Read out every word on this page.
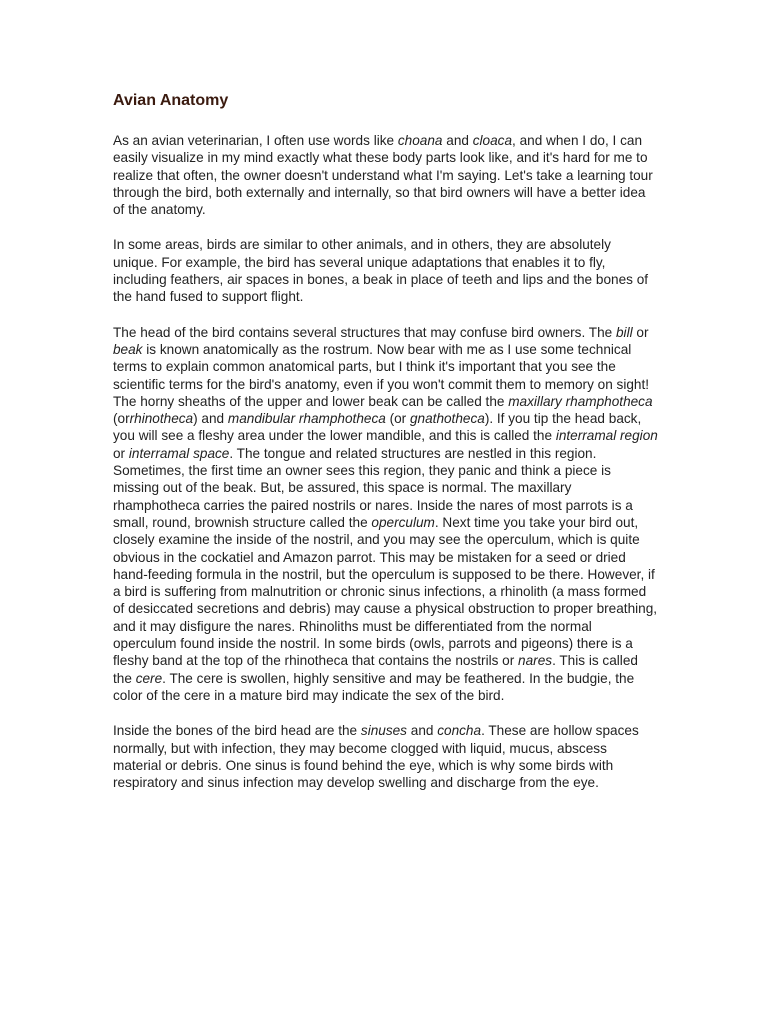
Avian Anatomy

As an avian veterinarian, I often use words like choana and cloaca, and when I do, I can easily visualize in my mind exactly what these body parts look like, and it's hard for me to realize that often, the owner doesn't understand what I'm saying. Let's take a learning tour through the bird, both externally and internally, so that bird owners will have a better idea of the anatomy.

In some areas, birds are similar to other animals, and in others, they are absolutely unique. For example, the bird has several unique adaptations that enables it to fly, including feathers, air spaces in bones, a beak in place of teeth and lips and the bones of the hand fused to support flight.

The head of the bird contains several structures that may confuse bird owners. The bill or beak is known anatomically as the rostrum. Now bear with me as I use some technical terms to explain common anatomical parts, but I think it's important that you see the scientific terms for the bird's anatomy, even if you won't commit them to memory on sight! The horny sheaths of the upper and lower beak can be called the maxillary rhamphotheca (orrhinotheca) and mandibular rhamphotheca (or gnathotheca). If you tip the head back, you will see a fleshy area under the lower mandible, and this is called the interramal region or interramal space. The tongue and related structures are nestled in this region. Sometimes, the first time an owner sees this region, they panic and think a piece is missing out of the beak. But, be assured, this space is normal. The maxillary rhamphotheca carries the paired nostrils or nares. Inside the nares of most parrots is a small, round, brownish structure called the operculum. Next time you take your bird out, closely examine the inside of the nostril, and you may see the operculum, which is quite obvious in the cockatiel and Amazon parrot. This may be mistaken for a seed or dried hand-feeding formula in the nostril, but the operculum is supposed to be there. However, if a bird is suffering from malnutrition or chronic sinus infections, a rhinolith (a mass formed of desiccated secretions and debris) may cause a physical obstruction to proper breathing, and it may disfigure the nares. Rhinoliths must be differentiated from the normal operculum found inside the nostril. In some birds (owls, parrots and pigeons) there is a fleshy band at the top of the rhinotheca that contains the nostrils or nares. This is called the cere. The cere is swollen, highly sensitive and may be feathered. In the budgie, the color of the cere in a mature bird may indicate the sex of the bird.

Inside the bones of the bird head are the sinuses and concha. These are hollow spaces normally, but with infection, they may become clogged with liquid, mucus, abscess material or debris. One sinus is found behind the eye, which is why some birds with respiratory and sinus infection may develop swelling and discharge from the eye.
